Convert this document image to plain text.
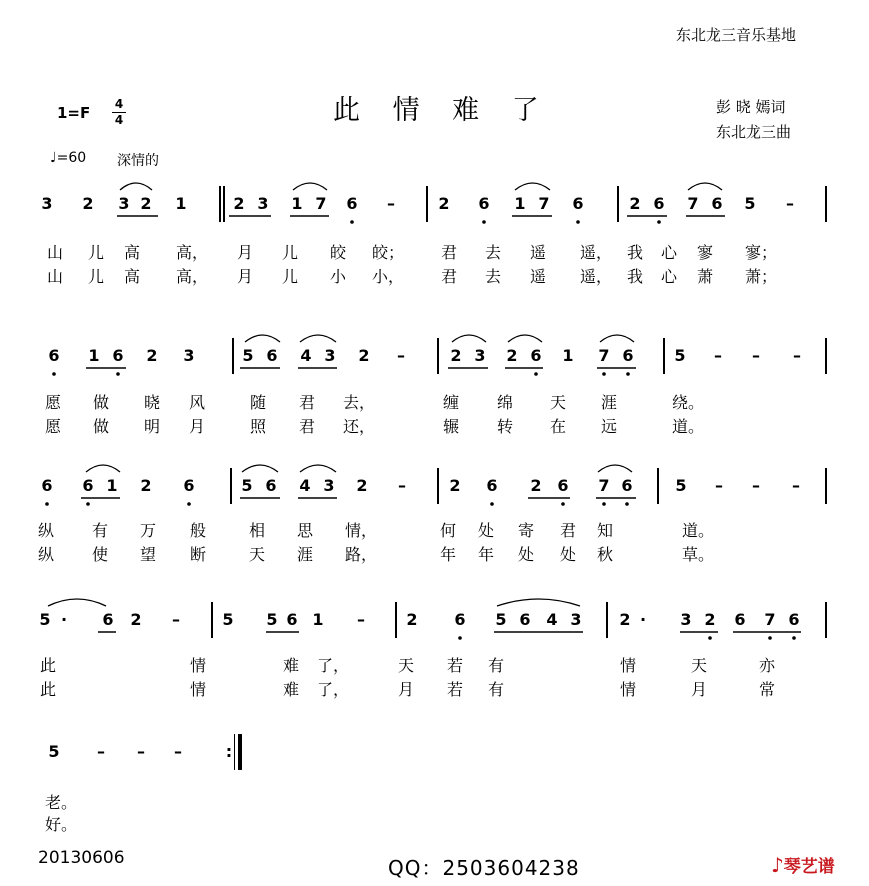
东北龙三音乐基地
1=F 4
4	此 情 难 了	彭 晓 嫣词
东北龙三曲
♩=60 深情的
3 2 3 2 1	2 3 1 7 6 –	2 6 1 7 6	2 6 7 6 5 –
山 儿 高 高， 月 儿 皎 皎； 君 去 遥 遥， 我 心 寥 寥；
山 儿 高 高， 月 儿 小 小， 君 去 遥 遥， 我 心 萧 萧；
6 1 6 2 3	5 6 4 3 2 –	2 3 2 6 1 7 6	5 – – –
愿 做 晓 风	随 君 去，	缠 绵 天 涯	绕。
愿 做 明 月	照 君 还，	辗 转 在 远	道。
6 6 1 2 6	5 6 4 3 2 –	2 6 2 6 7 6	5 – – –
纵 有 万 般	相 思 情，	何 处 寄 君 知	道。
纵 使 望 断	天 涯 路，	年 年 处 处 秋	草。
5 · 6 2 –	5 5 6 1 –	2 6 5 6 4 3 2 · 3 2 6 7 6
此	情	难 了，	天 若 有	情	天	亦
此	情	难 了，	月 若 有	情	月	常
5 – – –
老。
好。
:
20130606	QQ：2503604238	♪琴艺谱
